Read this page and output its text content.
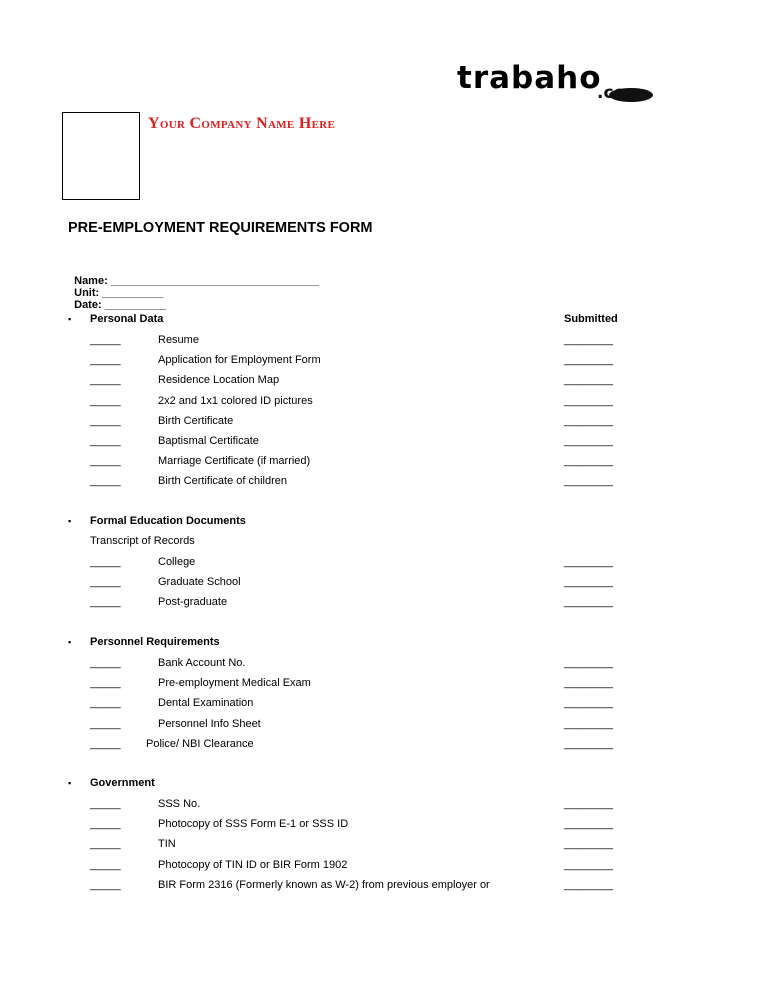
trabaho
.com
Your Company Name Here
PRE-EMPLOYMENT REQUIREMENTS FORM

Name: __________________________________
Unit: __________
Date: __________

▪ Personal Data	Submitted
_____	Resume	________
_____	Application for Employment Form	________
_____	Residence Location Map	________
_____	2x2 and 1x1 colored ID pictures	________
_____	Birth Certificate	________
_____	Baptismal Certificate	________
_____	Marriage Certificate (if married)	________
_____	Birth Certificate of children	________
▪ Formal Education Documents
Transcript of Records
_____	College	________
_____	Graduate School	________
_____	Post-graduate	________
▪ Personnel Requirements
_____	Bank Account No.	________
_____	Pre-employment Medical Exam	________
_____	Dental Examination	________
_____	Personnel Info Sheet	________
_____ Police/ NBI Clearance	________
▪ Government
_____	SSS No.	________
_____	Photocopy of SSS Form E-1 or SSS ID	________
_____	TIN	________
_____	Photocopy of TIN ID or BIR Form 1902	________
_____	BIR Form 2316 (Formerly known as W-2) from previous employer or	________
